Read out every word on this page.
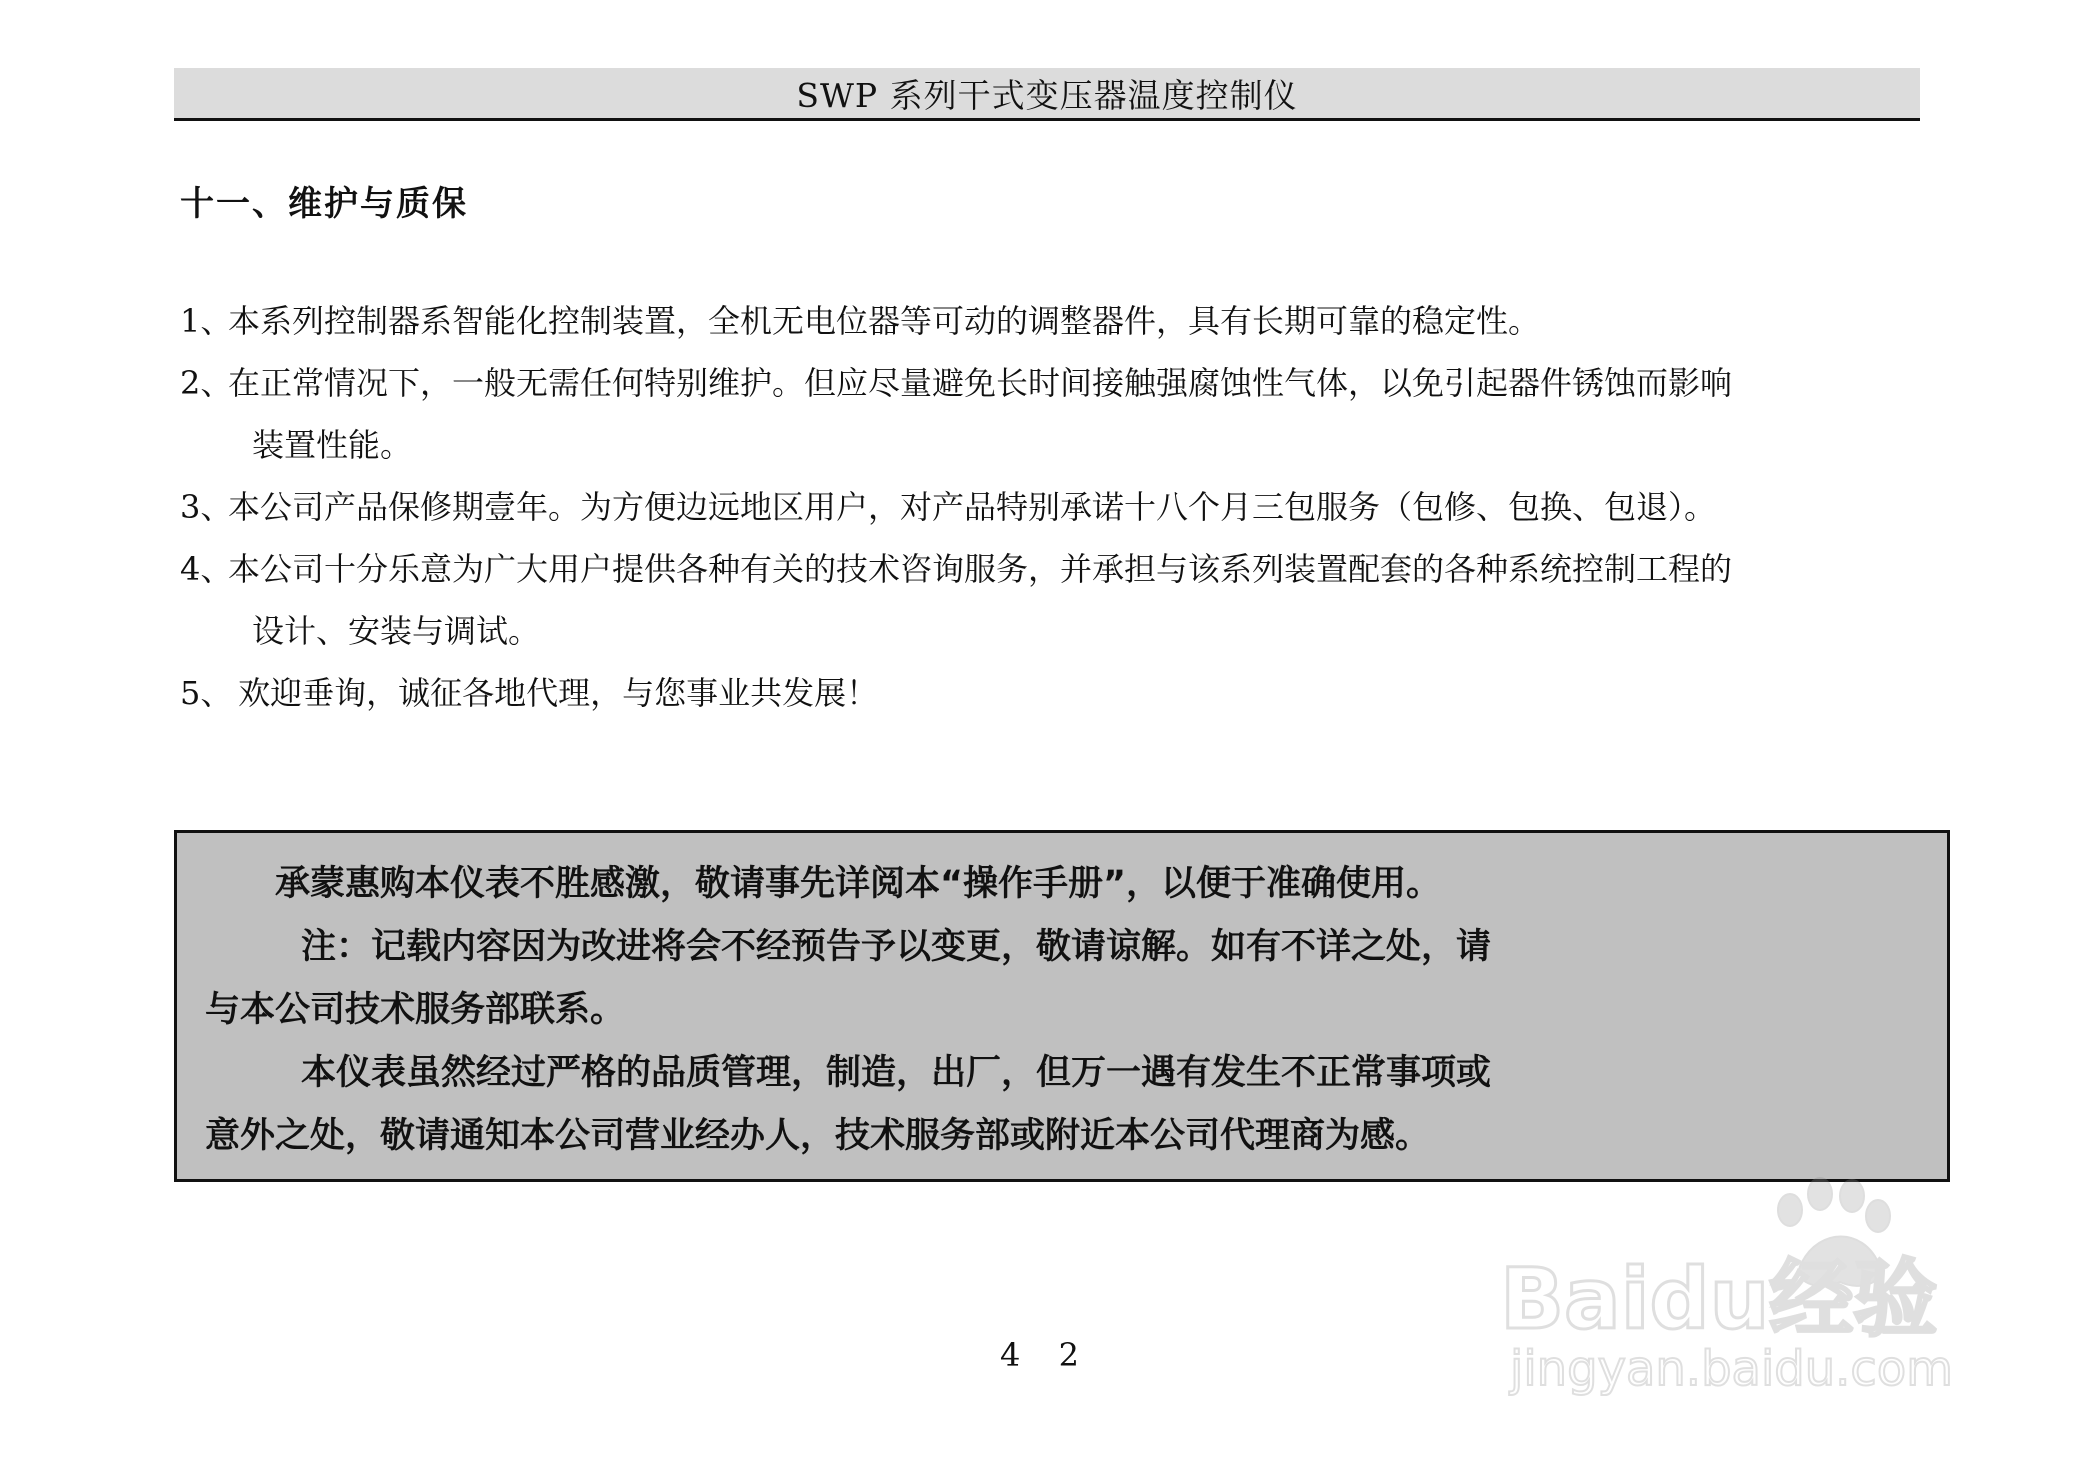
SWP 系列干式变压器温度控制仪
十一、维护与质保
1、
本系列控制器系智能化控制装置，全机无电位器等可动的调整器件，具有长期可靠的稳定性。
2、
在正常情况下，一般无需任何特别维护。但应尽量避免长时间接触强腐蚀性气体，以免引起器件锈蚀而影响
装置性能。
3、
本公司产品保修期壹年。为方便边远地区用户，对产品特别承诺十八个月三包服务（包修、包换、包退）。
4、
本公司十分乐意为广大用户提供各种有关的技术咨询服务，并承担与该系列装置配套的各种系统控制工程的
设计、安装与调试。
5、
欢迎垂询，诚征各地代理，与您事业共发展！
承蒙惠购本仪表不胜感激，敬请事先详阅本“操作手册”，以便于准确使用。
注：记载内容因为改进将会不经预告予以变更，敬请谅解。如有不详之处，请
与本公司技术服务部联系。
本仪表虽然经过严格的品质管理，制造，出厂，但万一遇有发生不正常事项或
意外之处，敬请通知本公司营业经办人，技术服务部或附近本公司代理商为感。
4 2
Baidu经验
jingyan.baidu.com
